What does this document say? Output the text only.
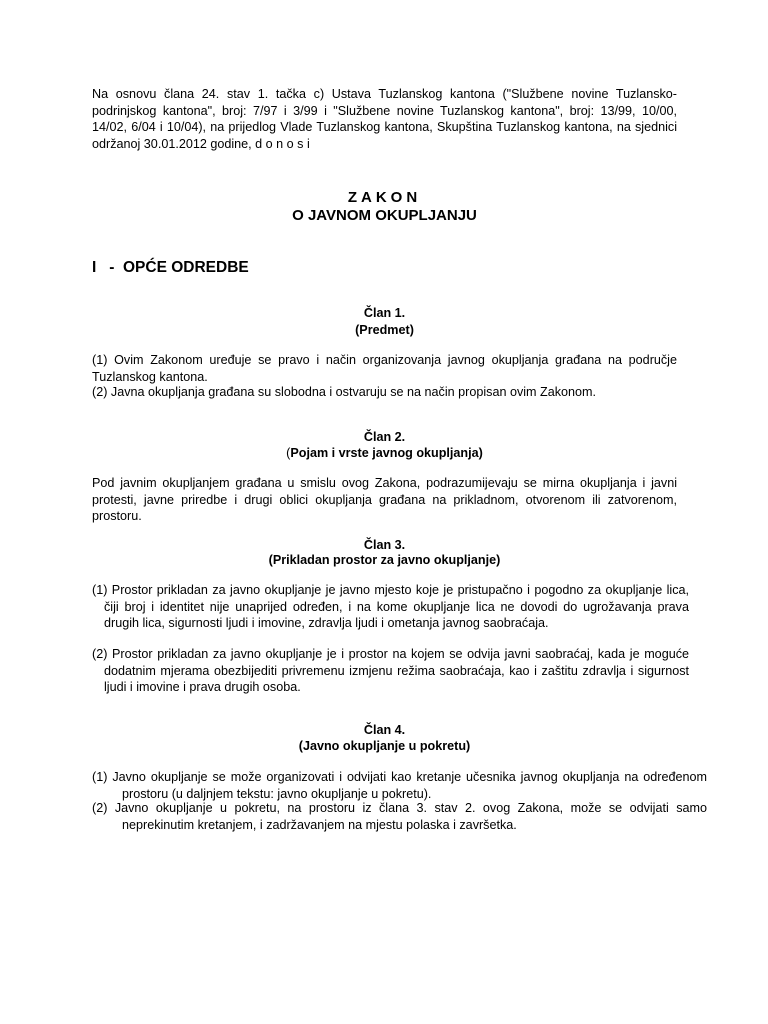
Na osnovu člana 24. stav 1. tačka c) Ustava Tuzlanskog kantona ("Službene novine Tuzlansko-podrinjskog kantona", broj: 7/97 i 3/99 i "Službene novine Tuzlanskog kantona", broj: 13/99, 10/00, 14/02, 6/04 i 10/04), na prijedlog Vlade Tuzlanskog kantona, Skupština Tuzlanskog kantona, na sjednici održanoj 30.01.2012 godine, d o n o s i

ZAKON

O JAVNOM OKUPLJANJU

I   -  OPĆE ODREDBE

Član 1.

(Predmet)

(1) Ovim Zakonom uređuje se pravo i način organizovanja javnog okupljanja građana na područje Tuzlanskog kantona.

(2) Javna okupljanja građana su slobodna i ostvaruju se na način propisan ovim Zakonom.

Član 2.

(Pojam i vrste javnog okupljanja)

Pod javnim okupljanjem građana u smislu ovog Zakona, podrazumijevaju se mirna okupljanja i javni protesti, javne priredbe i drugi oblici okupljanja građana na prikladnom, otvorenom ili zatvorenom, prostoru.

Član 3.

(Prikladan prostor za javno okupljanje)

(1) Prostor prikladan za javno okupljanje je javno mjesto koje je pristupačno i pogodno za okupljanje lica, čiji broj i identitet nije unaprijed određen, i na kome okupljanje lica ne dovodi do ugrožavanja prava drugih lica, sigurnosti ljudi i imovine, zdravlja ljudi i ometanja javnog saobraćaja.

(2) Prostor prikladan za javno okupljanje je i prostor na kojem se odvija javni saobraćaj, kada je moguće dodatnim mjerama obezbijediti privremenu izmjenu režima saobraćaja, kao i zaštitu zdravlja i sigurnost ljudi i imovine i prava drugih osoba.

Član 4.

(Javno okupljanje u pokretu)

(1) Javno okupljanje se može organizovati i odvijati kao kretanje učesnika javnog okupljanja na određenom prostoru (u daljnjem tekstu: javno okupljanje u pokretu).

(2) Javno okupljanje u pokretu, na prostoru iz člana 3. stav 2. ovog Zakona, može se odvijati samo neprekinutim kretanjem, i zadržavanjem na mjestu polaska i završetka.
